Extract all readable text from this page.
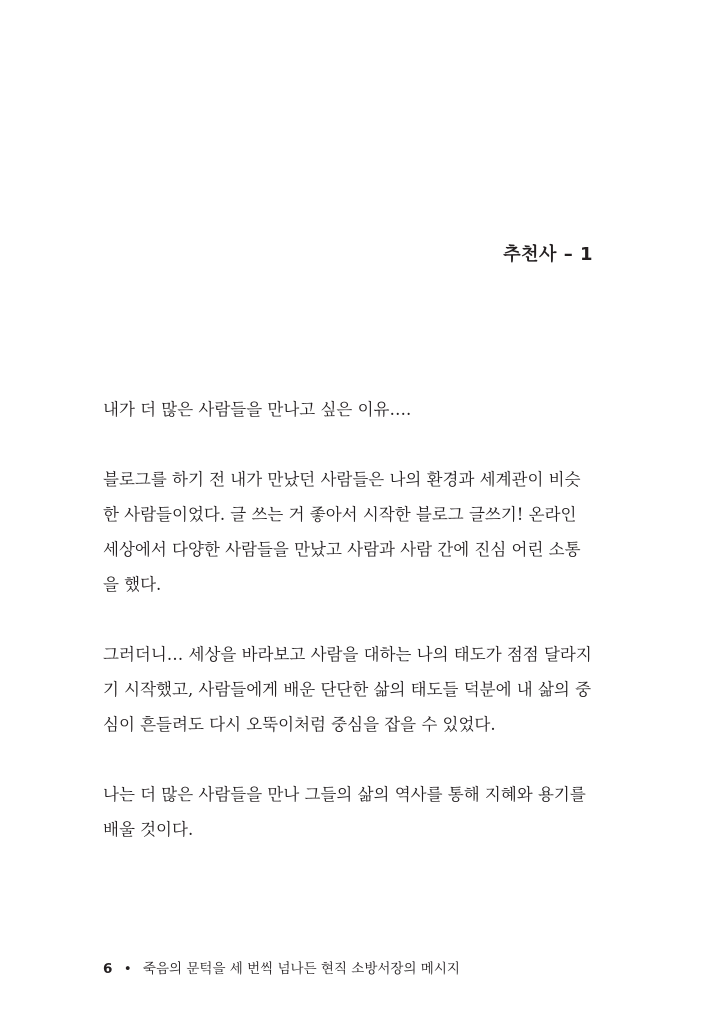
추천사 – 1

내가 더 많은 사람들을 만나고 싶은 이유….

블로그를 하기 전 내가 만났던 사람들은 나의 환경과 세계관이 비슷
한 사람들이었다. 글 쓰는 거 좋아서 시작한 블로그 글쓰기! 온라인
세상에서 다양한 사람들을 만났고 사람과 사람 간에 진심 어린 소통
을 했다.

그러더니… 세상을 바라보고 사람을 대하는 나의 태도가 점점 달라지
기 시작했고, 사람들에게 배운 단단한 삶의 태도들 덕분에 내 삶의 중
심이 흔들려도 다시 오뚝이처럼 중심을 잡을 수 있었다.

나는 더 많은 사람들을 만나 그들의 삶의 역사를 통해 지혜와 용기를
배울 것이다.

6 • 죽음의 문턱을 세 번씩 넘나든 현직 소방서장의 메시지
